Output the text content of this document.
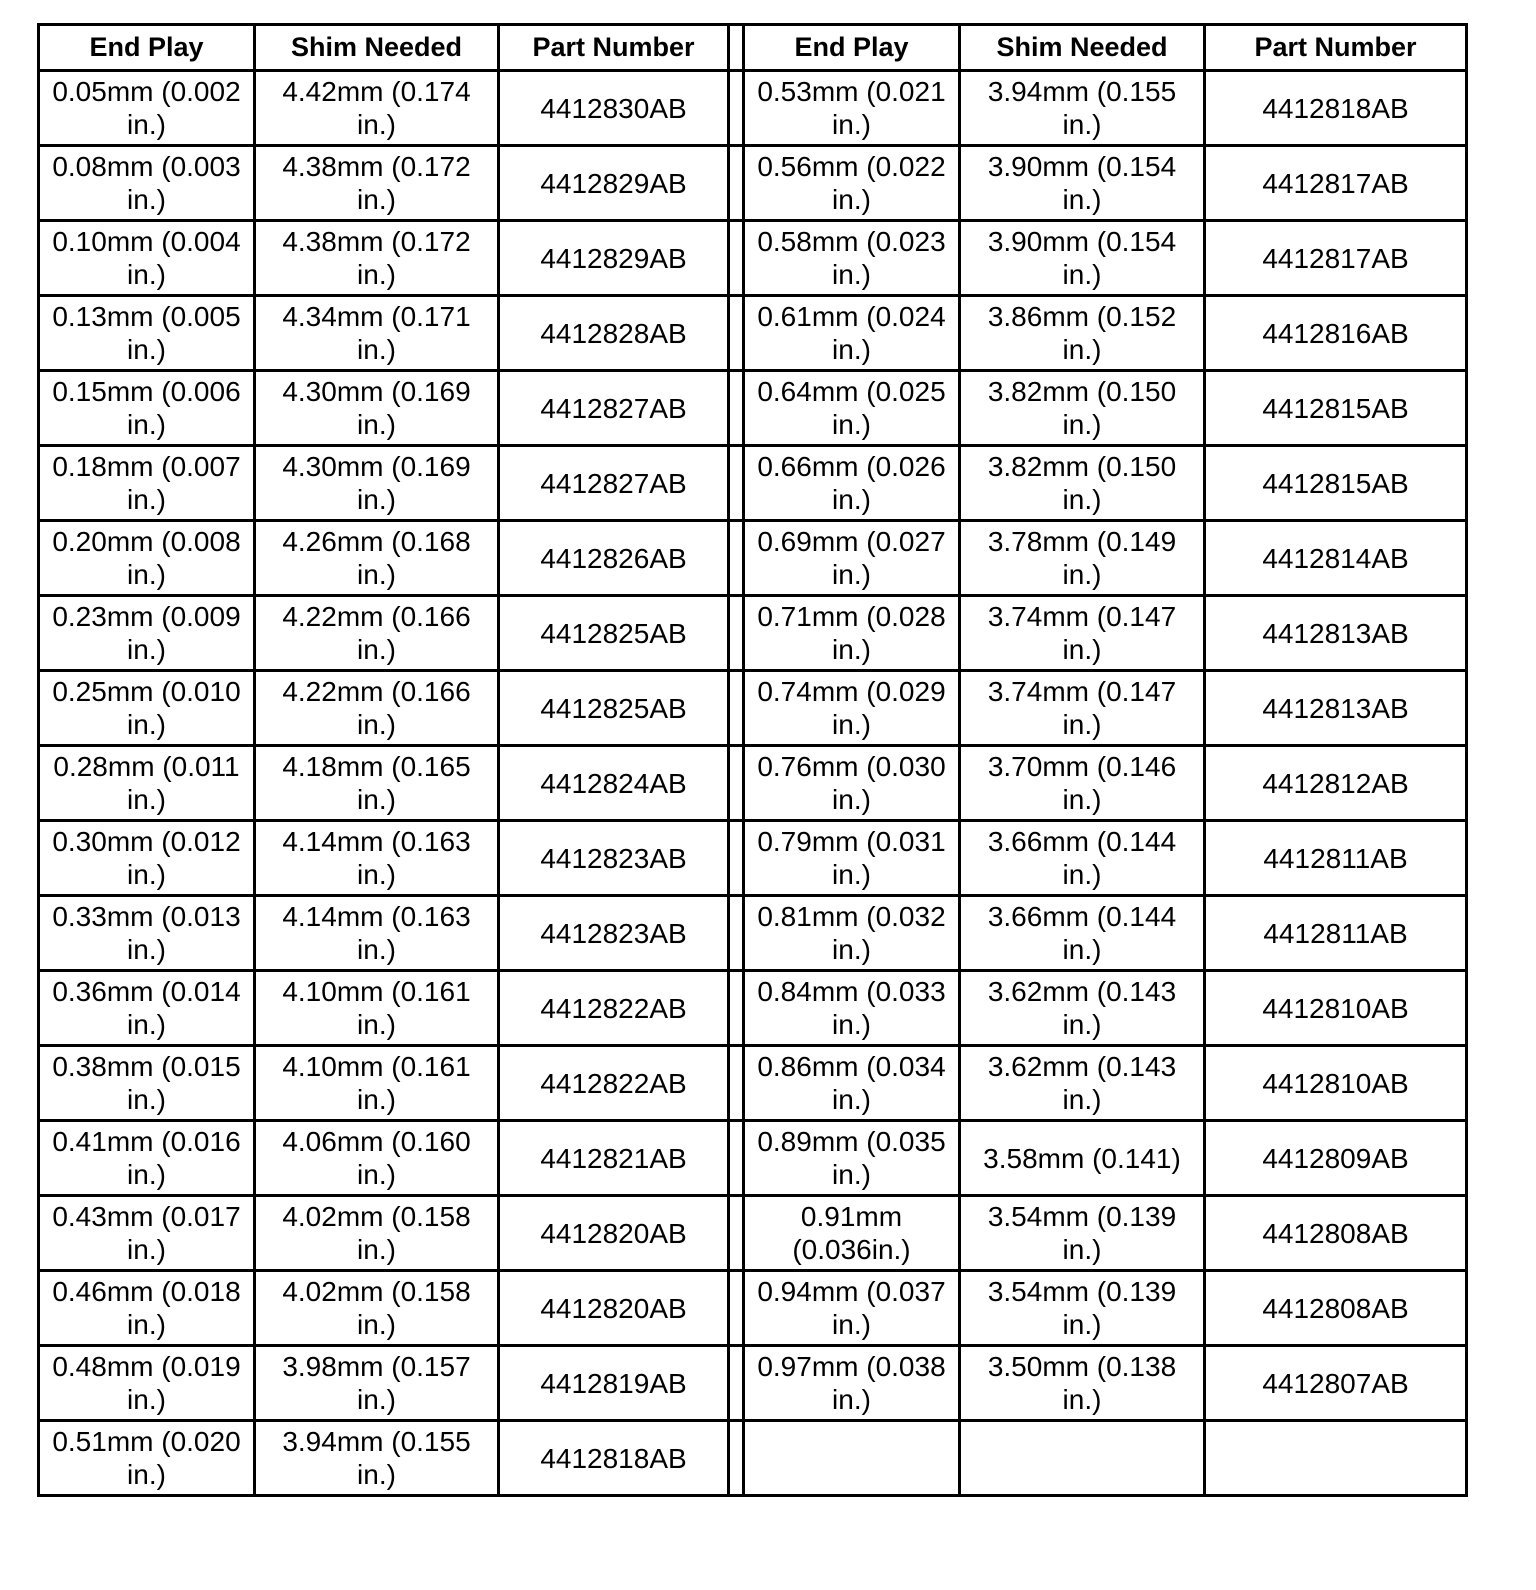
End Play	Shim Needed	Part Number		End Play	Shim Needed	Part Number
0.05mm (0.002 in.)	4.42mm (0.174 in.)	4412830AB		0.53mm (0.021 in.)	3.94mm (0.155 in.)	4412818AB
0.08mm (0.003 in.)	4.38mm (0.172 in.)	4412829AB		0.56mm (0.022 in.)	3.90mm (0.154 in.)	4412817AB
0.10mm (0.004 in.)	4.38mm (0.172 in.)	4412829AB		0.58mm (0.023 in.)	3.90mm (0.154 in.)	4412817AB
0.13mm (0.005 in.)	4.34mm (0.171 in.)	4412828AB		0.61mm (0.024 in.)	3.86mm (0.152 in.)	4412816AB
0.15mm (0.006 in.)	4.30mm (0.169 in.)	4412827AB		0.64mm (0.025 in.)	3.82mm (0.150 in.)	4412815AB
0.18mm (0.007 in.)	4.30mm (0.169 in.)	4412827AB		0.66mm (0.026 in.)	3.82mm (0.150 in.)	4412815AB
0.20mm (0.008 in.)	4.26mm (0.168 in.)	4412826AB		0.69mm (0.027 in.)	3.78mm (0.149 in.)	4412814AB
0.23mm (0.009 in.)	4.22mm (0.166 in.)	4412825AB		0.71mm (0.028 in.)	3.74mm (0.147 in.)	4412813AB
0.25mm (0.010 in.)	4.22mm (0.166 in.)	4412825AB		0.74mm (0.029 in.)	3.74mm (0.147 in.)	4412813AB
0.28mm (0.011 in.)	4.18mm (0.165 in.)	4412824AB		0.76mm (0.030 in.)	3.70mm (0.146 in.)	4412812AB
0.30mm (0.012 in.)	4.14mm (0.163 in.)	4412823AB		0.79mm (0.031 in.)	3.66mm (0.144 in.)	4412811AB
0.33mm (0.013 in.)	4.14mm (0.163 in.)	4412823AB		0.81mm (0.032 in.)	3.66mm (0.144 in.)	4412811AB
0.36mm (0.014 in.)	4.10mm (0.161 in.)	4412822AB		0.84mm (0.033 in.)	3.62mm (0.143 in.)	4412810AB
0.38mm (0.015 in.)	4.10mm (0.161 in.)	4412822AB		0.86mm (0.034 in.)	3.62mm (0.143 in.)	4412810AB
0.41mm (0.016 in.)	4.06mm (0.160 in.)	4412821AB		0.89mm (0.035 in.)	3.58mm (0.141)	4412809AB
0.43mm (0.017 in.)	4.02mm (0.158 in.)	4412820AB		0.91mm (0.036in.)	3.54mm (0.139 in.)	4412808AB
0.46mm (0.018 in.)	4.02mm (0.158 in.)	4412820AB		0.94mm (0.037 in.)	3.54mm (0.139 in.)	4412808AB
0.48mm (0.019 in.)	3.98mm (0.157 in.)	4412819AB		0.97mm (0.038 in.)	3.50mm (0.138 in.)	4412807AB
0.51mm (0.020 in.)	3.94mm (0.155 in.)	4412818AB				
